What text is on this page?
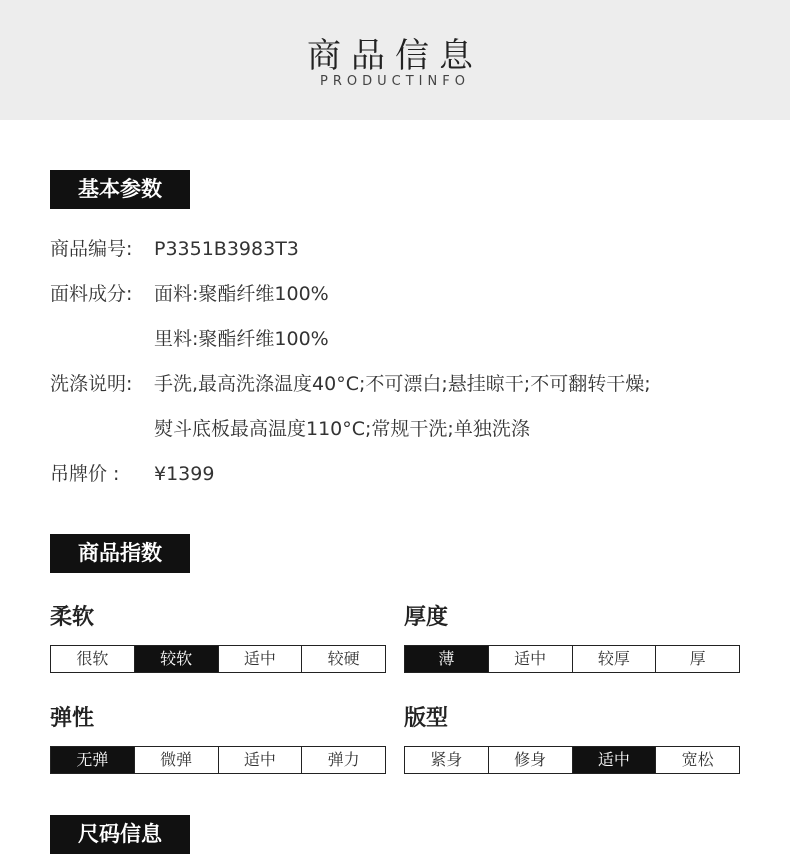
商品信息
PRODUCTINFO
基本参数
商品编号: P3351B3983T3
面料成分: 面料:聚酯纤维100%
里料:聚酯纤维100%
洗涤说明: 手洗,最高洗涤温度40°C;不可漂白;悬挂晾干;不可翻转干燥;
熨斗底板最高温度110°C;常规干洗;单独洗涤
吊牌价 : ¥1399
商品指数
柔软
很软	较软	适中	较硬
厚度
薄	适中	较厚	厚
弹性
无弹	微弹	适中	弹力
版型
紧身	修身	适中	宽松
尺码信息
